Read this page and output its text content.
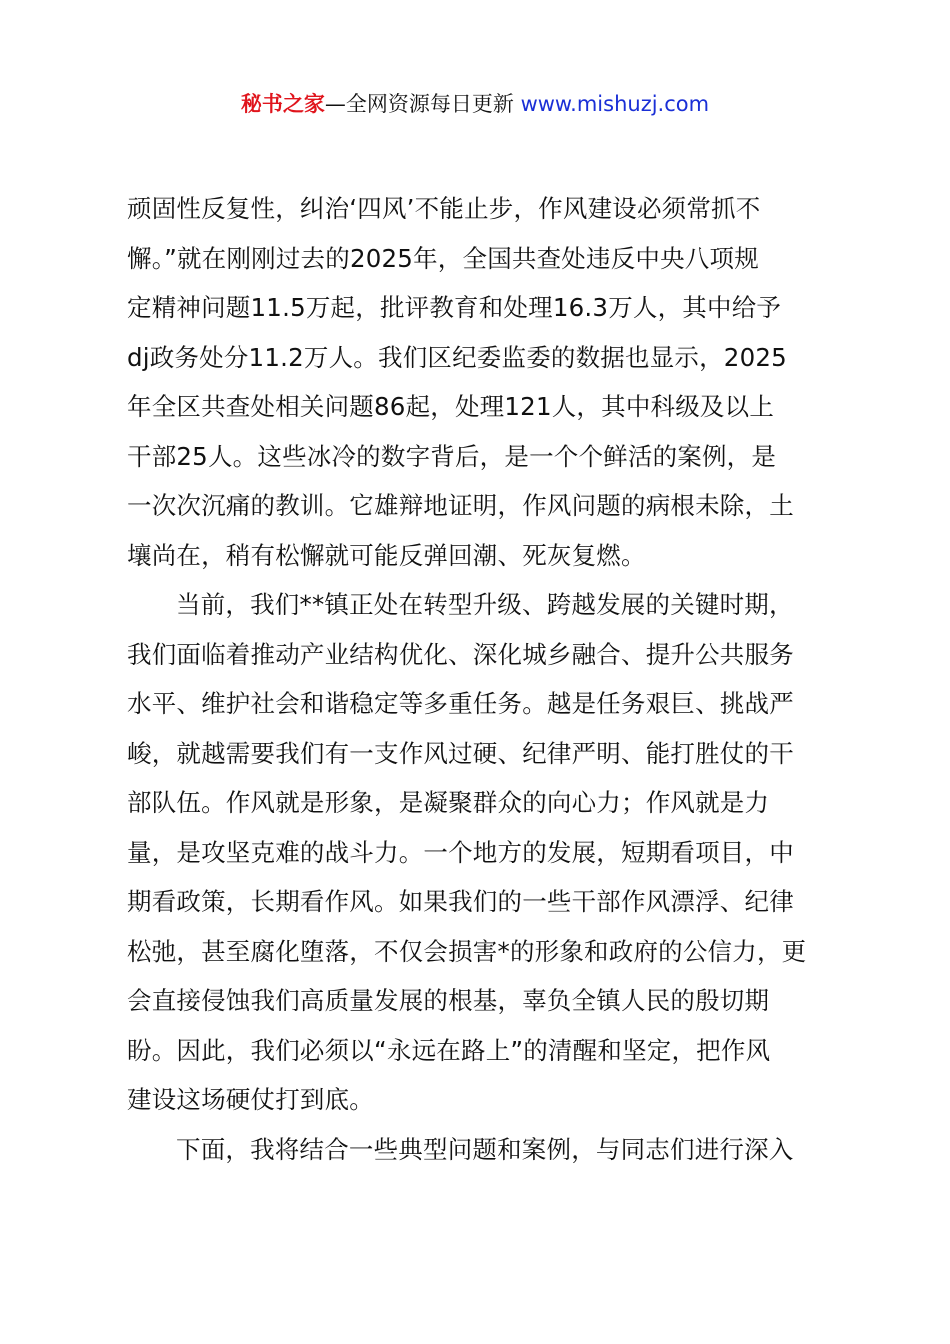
秘书之家—全网资源每日更新 www.mishuzj.com

顽固性反复性，纠治‘四风’不能止步，作风建设必须常抓不

懈。”就在刚刚过去的2025年，全国共查处违反中央八项规

定精神问题11.5万起，批评教育和处理16.3万人，其中给予

dj政务处分11.2万人。我们区纪委监委的数据也显示，2025

年全区共查处相关问题86起，处理121人，其中科级及以上

干部25人。这些冰冷的数字背后，是一个个鲜活的案例，是

一次次沉痛的教训。它雄辩地证明，作风问题的病根未除，土

壤尚在，稍有松懈就可能反弹回潮、死灰复燃。

当前，我们**镇正处在转型升级、跨越发展的关键时期，

我们面临着推动产业结构优化、深化城乡融合、提升公共服务

水平、维护社会和谐稳定等多重任务。越是任务艰巨、挑战严

峻，就越需要我们有一支作风过硬、纪律严明、能打胜仗的干

部队伍。作风就是形象，是凝聚群众的向心力；作风就是力

量，是攻坚克难的战斗力。一个地方的发展，短期看项目，中

期看政策，长期看作风。如果我们的一些干部作风漂浮、纪律

松弛，甚至腐化堕落，不仅会损害*的形象和政府的公信力，更

会直接侵蚀我们高质量发展的根基，辜负全镇人民的殷切期

盼。因此，我们必须以“永远在路上”的清醒和坚定，把作风

建设这场硬仗打到底。

下面，我将结合一些典型问题和案例，与同志们进行深入
